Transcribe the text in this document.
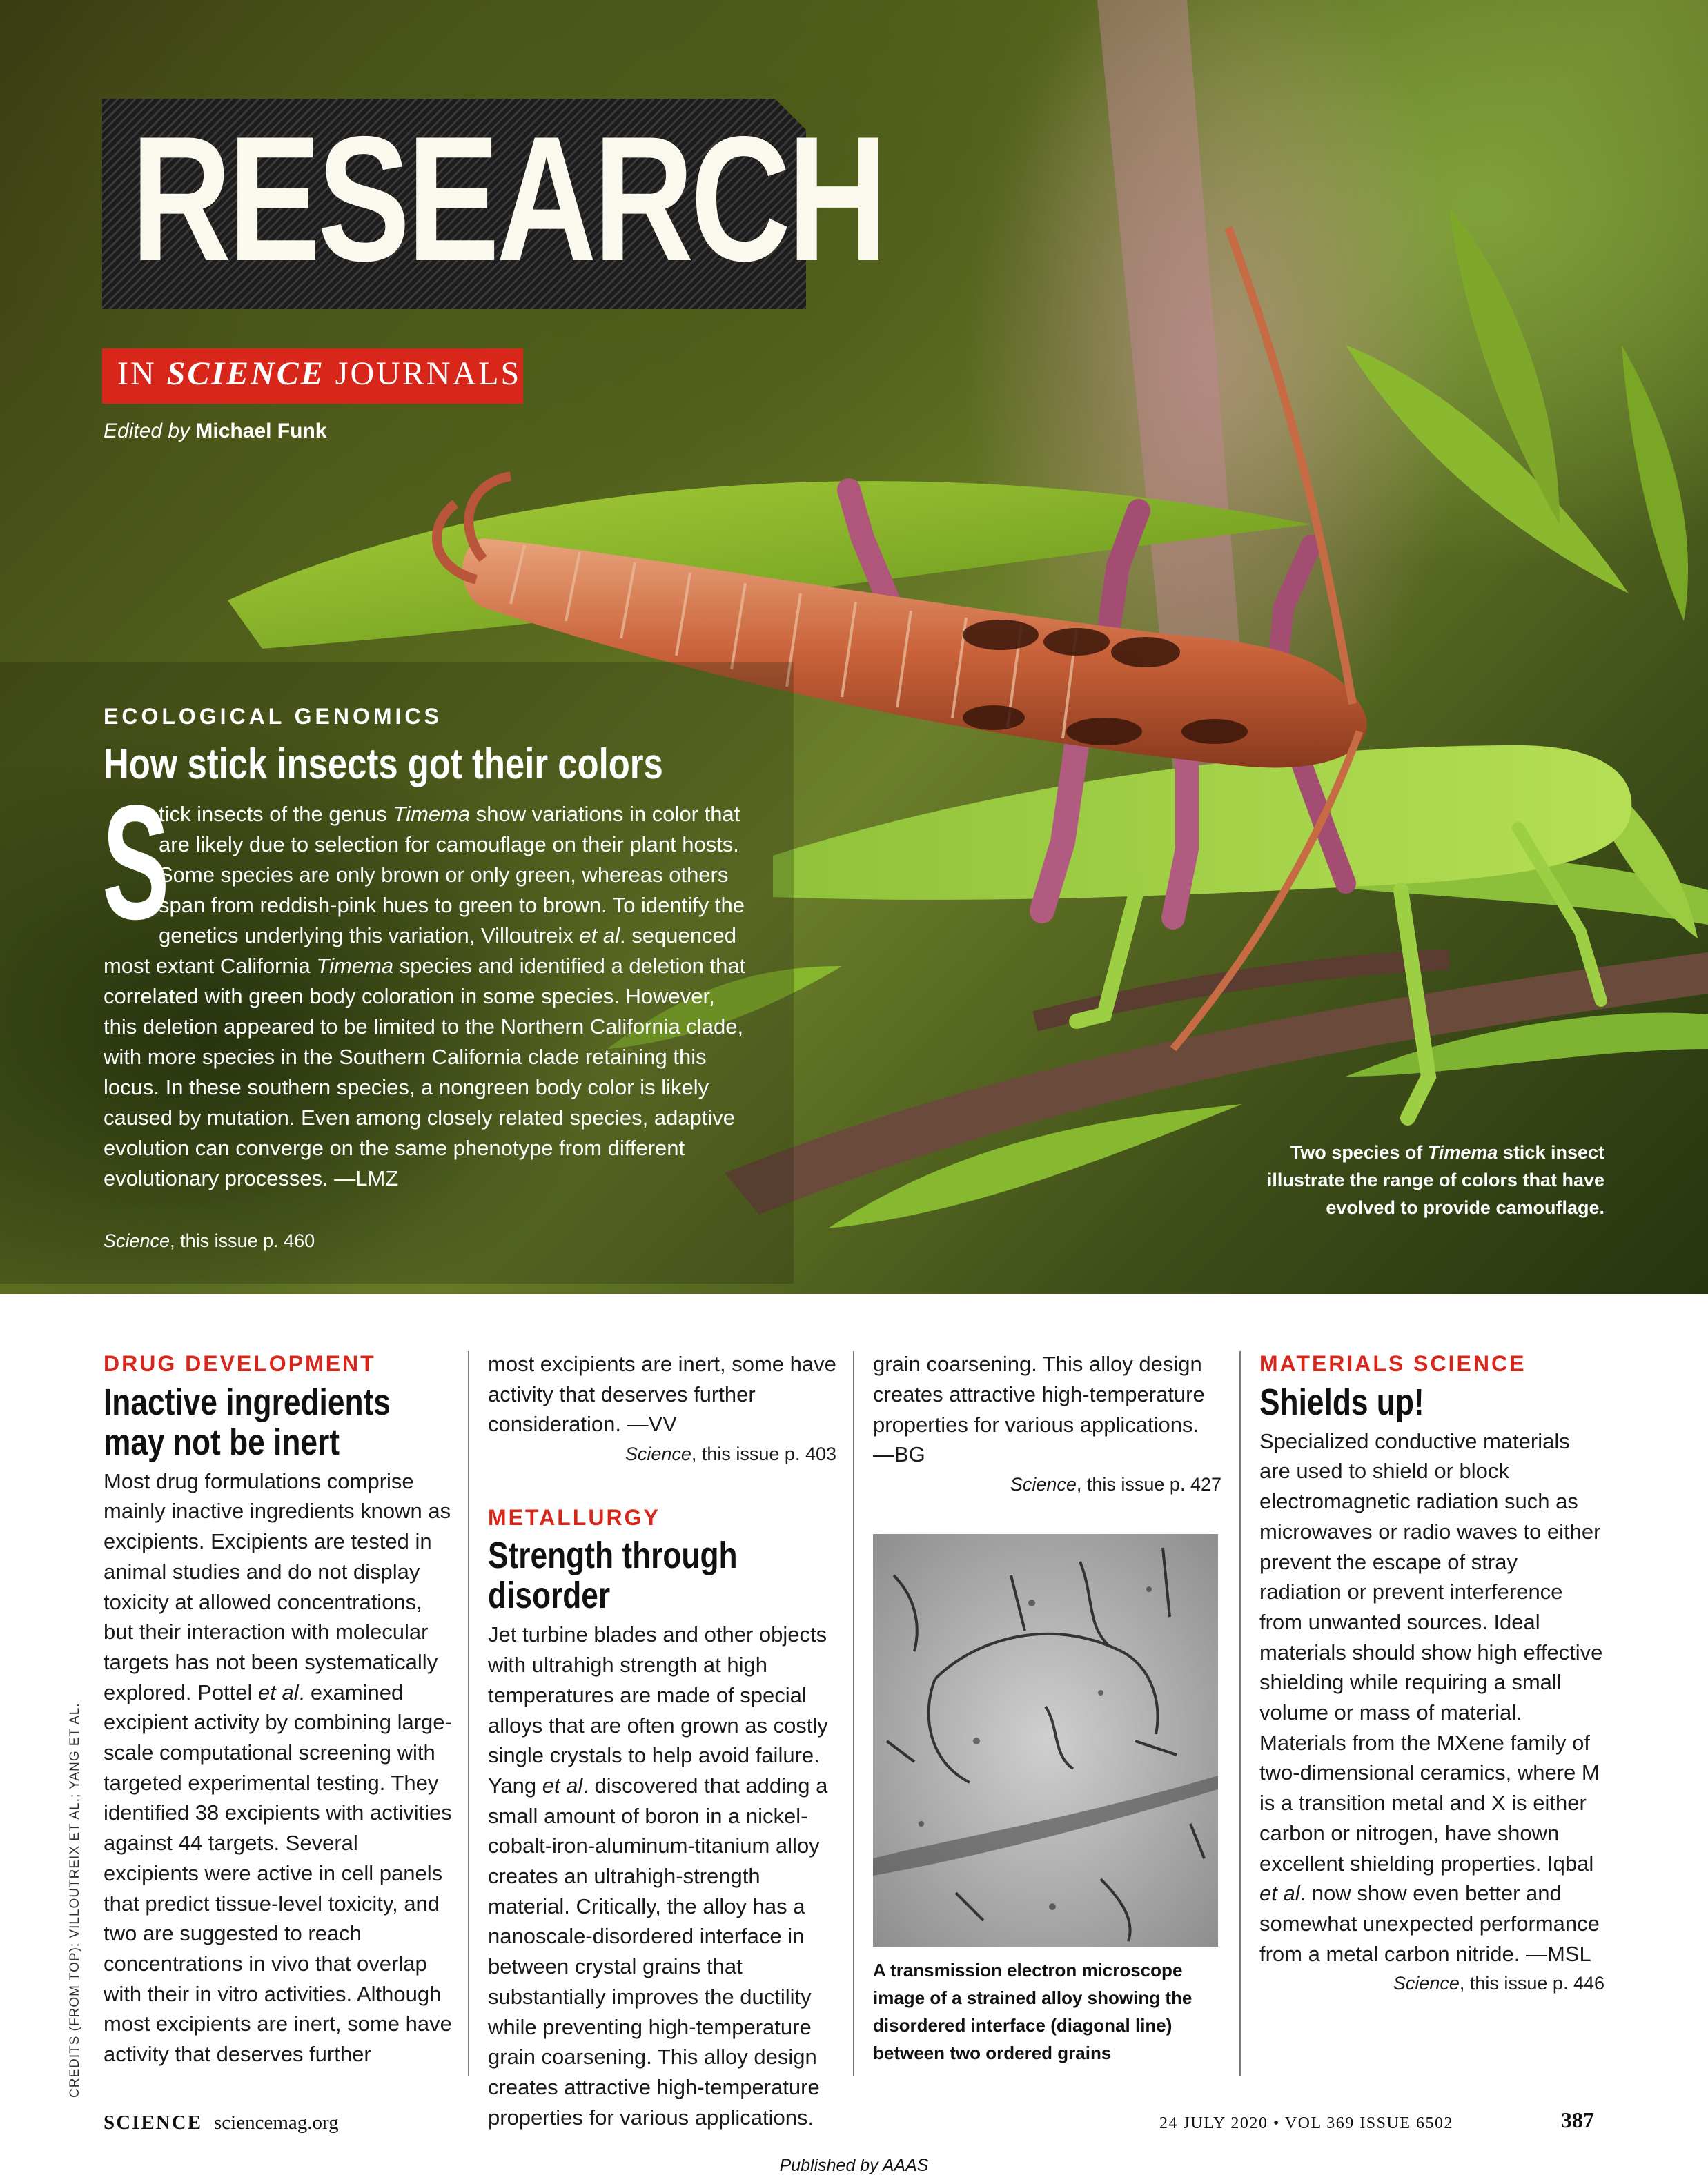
RESEARCH
IN SCIENCE JOURNALS
Edited by Michael Funk
ECOLOGICAL GENOMICS
How stick insects got their colors
S
tick insects of the genus Timema show variations in color that are likely due to selection for camouflage on their plant hosts. Some species are only brown or only green, whereas others span from reddish-pink hues to green to brown. To identify the genetics underlying this variation, Villoutreix et al. sequenced most extant California Timema species and identified a deletion that correlated with green body coloration in some species. However, this deletion appeared to be limited to the Northern California clade, with more species in the Southern California clade retaining this locus. In these southern species, a nongreen body color is likely caused by mutation. Even among closely related species, adaptive evolution can converge on the same phenotype from different evolutionary processes. —LMZ
Science, this issue p. 460
Two species of Timema stick insect illustrate the range of colors that have evolved to provide camouflage.
DRUG DEVELOPMENT
Inactive ingredients may not be inert
Most drug formulations comprise mainly inactive ingredients known as excipients. Excipients are tested in animal studies and do not display toxicity at allowed concentrations, but their interaction with molecular targets has not been systematically explored. Pottel et al. examined excipient activity by combining large-scale computational screening with targeted experimental testing. They identified 38 excipients with activities against 44 targets. Several excipients were active in cell panels that predict tissue-level toxicity, and two are suggested to reach concentrations in vivo that overlap with their in vitro activities. Although most excipients are inert, some have activity that deserves further
most excipients are inert, some have activity that deserves further consideration. —VV
Science, this issue p. 403
METALLURGY
Strength through disorder
Jet turbine blades and other objects with ultrahigh strength at high temperatures are made of special alloys that are often grown as costly single crystals to help avoid failure. Yang et al. discovered that adding a small amount of boron in a nickel-cobalt-iron-aluminum-titanium alloy creates an ultrahigh-strength material. Critically, the alloy has a nanoscale-disordered interface in between crystal grains that substantially improves the ductility while preventing high-temperature grain coarsening. This alloy design creates attractive high-temperature properties for various applications.
grain coarsening. This alloy design creates attractive high-temperature properties for various applications. —BG
Science, this issue p. 427
A transmission electron microscope image of a strained alloy showing the disordered interface (diagonal line) between two ordered grains
MATERIALS SCIENCE
Shields up!
Specialized conductive materials are used to shield or block electromagnetic radiation such as microwaves or radio waves to either prevent the escape of stray radiation or prevent interference from unwanted sources. Ideal materials should show high effective shielding while requiring a small volume or mass of material. Materials from the MXene family of two-dimensional ceramics, where M is a transition metal and X is either carbon or nitrogen, have shown excellent shielding properties. Iqbal et al. now show even better and somewhat unexpected performance from a metal carbon nitride. —MSL
Science, this issue p. 446
CREDITS (FROM TOP): VILLOUTREIX ET AL.; YANG ET AL.
SCIENCE sciencemag.org	24 JULY 2020 • VOL 369 ISSUE 6502	387
Published by AAAS
